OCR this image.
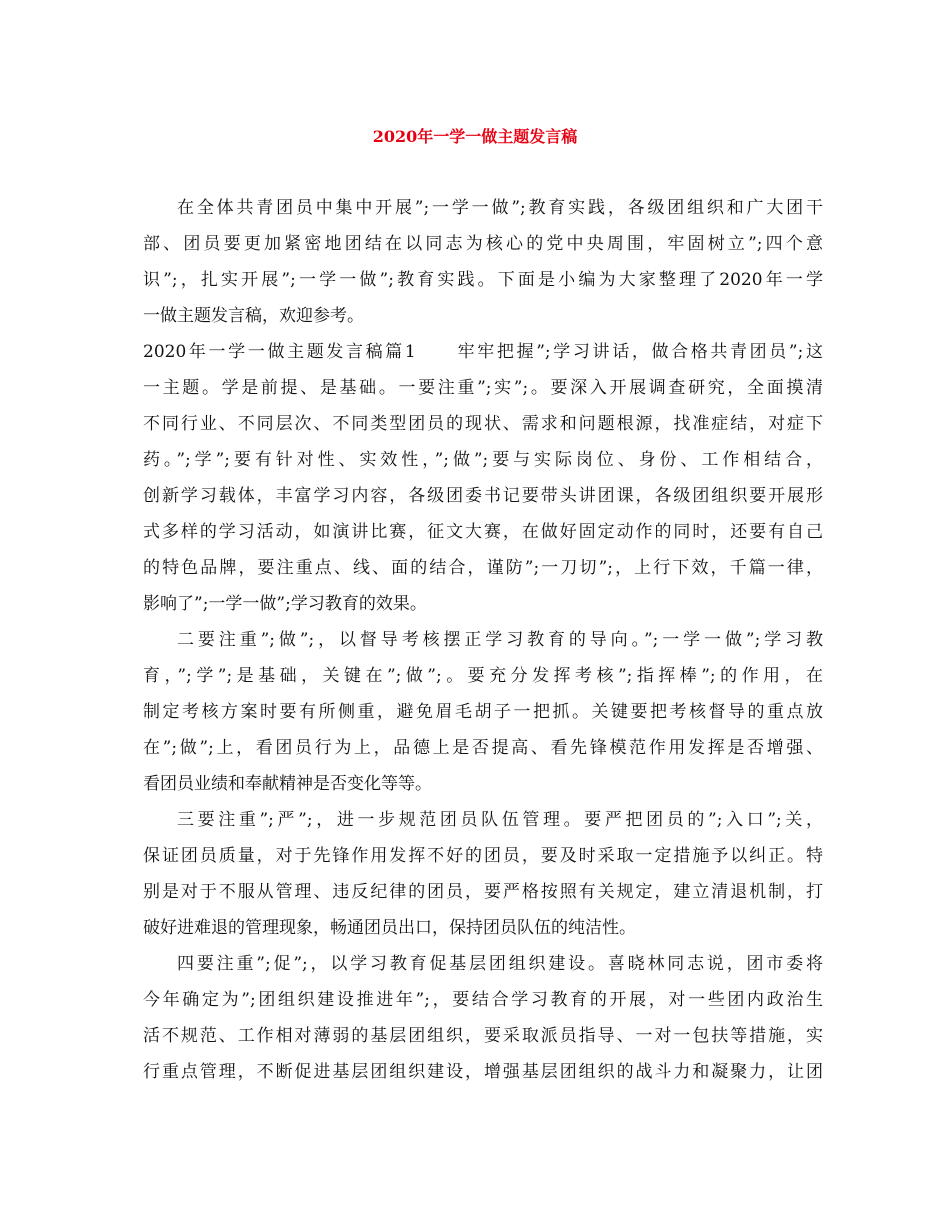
2020年一学一做主题发言稿
在全体共青团员中集中开展”;一学一做”;教育实践，各级团组织和广大团干
部、团员要更加紧密地团结在以同志为核心的党中央周围，牢固树立”;四个意
识”;，扎实开展”;一学一做”;教育实践。下面是小编为大家整理了2020年一学
一做主题发言稿，欢迎参考。
2020年一学一做主题发言稿篇1　　牢牢把握”;学习讲话，做合格共青团员”;这
一主题。学是前提、是基础。一要注重”;实”;。要深入开展调查研究，全面摸清
不同行业、不同层次、不同类型团员的现状、需求和问题根源，找准症结，对症下
药。”;学”;要有针对性、实效性，”;做”;要与实际岗位、身份、工作相结合，
创新学习载体，丰富学习内容，各级团委书记要带头讲团课，各级团组织要开展形
式多样的学习活动，如演讲比赛，征文大赛，在做好固定动作的同时，还要有自己
的特色品牌，要注重点、线、面的结合，谨防”;一刀切”;，上行下效，千篇一律，
影响了”;一学一做”;学习教育的效果。
二要注重”;做”;，以督导考核摆正学习教育的导向。”;一学一做”;学习教
育，”;学”;是基础，关键在”;做”;。要充分发挥考核”;指挥棒”;的作用，在
制定考核方案时要有所侧重，避免眉毛胡子一把抓。关键要把考核督导的重点放
在”;做”;上，看团员行为上，品德上是否提高、看先锋模范作用发挥是否增强、
看团员业绩和奉献精神是否变化等等。
三要注重”;严”;，进一步规范团员队伍管理。要严把团员的”;入口”;关，
保证团员质量，对于先锋作用发挥不好的团员，要及时采取一定措施予以纠正。特
别是对于不服从管理、违反纪律的团员，要严格按照有关规定，建立清退机制，打
破好进难退的管理现象，畅通团员出口，保持团员队伍的纯洁性。
四要注重”;促”;，以学习教育促基层团组织建设。喜晓林同志说，团市委将
今年确定为”;团组织建设推进年”;，要结合学习教育的开展，对一些团内政治生
活不规范、工作相对薄弱的基层团组织，要采取派员指导、一对一包扶等措施，实
行重点管理，不断促进基层团组织建设，增强基层团组织的战斗力和凝聚力，让团
